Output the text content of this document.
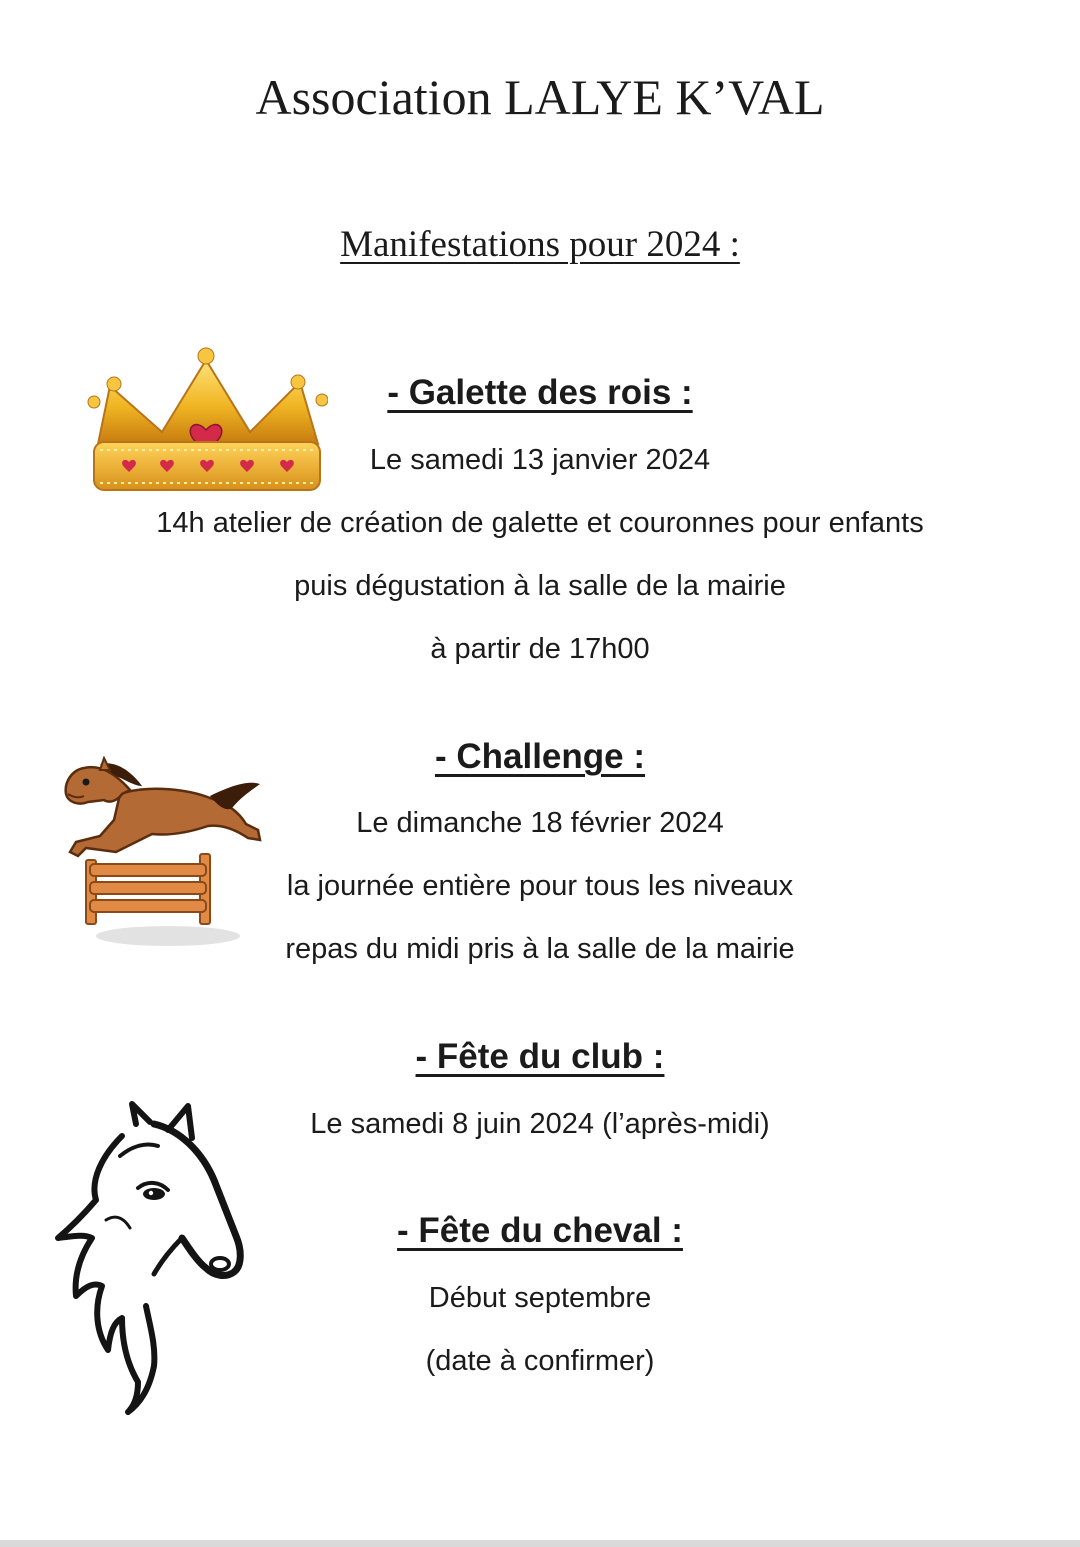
Association LALYE K’VAL
Manifestations pour 2024 :
- Galette des rois :
Le samedi 13 janvier 2024
14h atelier de création de galette et couronnes pour enfants
puis dégustation à la salle de la mairie
à partir de 17h00
- Challenge :
Le dimanche 18 février 2024
la journée entière pour tous les niveaux
repas du midi pris à la salle de la mairie
- Fête du club :
Le samedi 8 juin 2024 (l’après-midi)
- Fête du cheval :
Début septembre
(date à confirmer)
